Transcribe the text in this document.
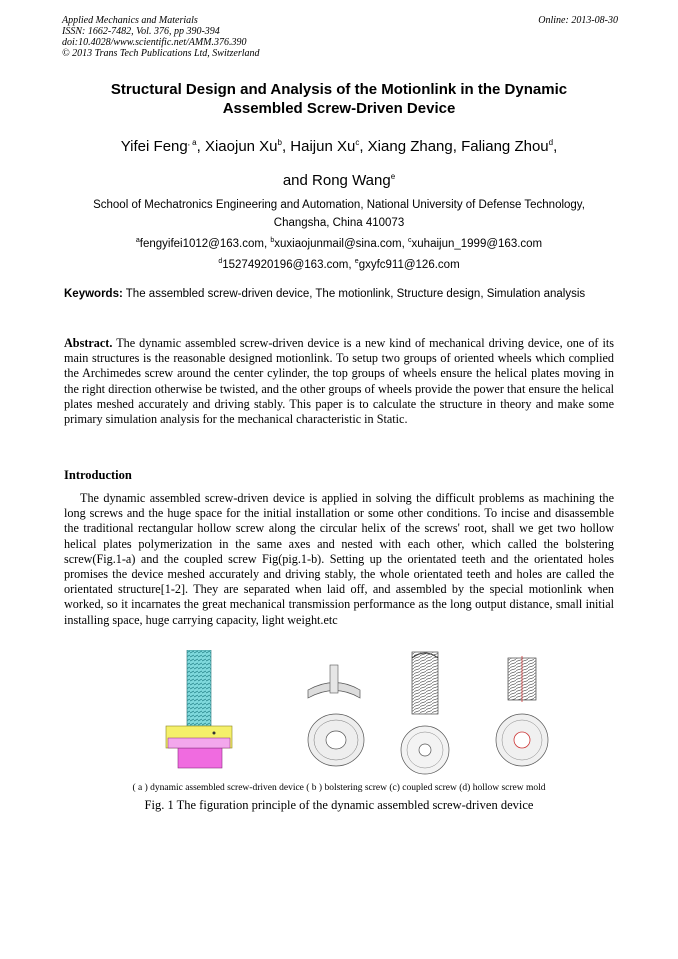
Applied Mechanics and Materials
ISSN: 1662-7482, Vol. 376, pp 390-394
doi:10.4028/www.scientific.net/AMM.376.390
© 2013 Trans Tech Publications Ltd, Switzerland
Online: 2013-08-30
Structural Design and Analysis of the Motionlink in the Dynamic
Assembled Screw-Driven Device
Yifei Feng$^{, a}$, Xiaojun Xu$^b$, Haijun Xu$^c$, Xiang Zhang, Faliang Zhou$^d$,
and Rong Wang$^e$
School of Mechatronics Engineering and Automation, National University of Defense Technology,
Changsha, China 410073
$^a$fengyifei1012@163.com, $^b$xuxiaojunmail@sina.com, $^c$xuhaijun_1999@163.com
$^d$15274920196@163.com, $^e$gxyfc911@126.com
Keywords: The assembled screw-driven device, The motionlink, Structure design, Simulation analysis
Abstract. The dynamic assembled screw-driven device is a new kind of mechanical driving device, one of its main structures is the reasonable designed motionlink. To setup two groups of oriented wheels which complied the Archimedes screw around the center cylinder, the top groups of wheels ensure the helical plates moving in the right direction otherwise be twisted, and the other groups of wheels provide the power that ensure the helical plates meshed accurately and driving stably. This paper is to calculate the structure in theory and make some primary simulation analysis for the mechanical characteristic in Static.
Introduction

The dynamic assembled screw-driven device is applied in solving the difficult problems as machining the long screws and the huge space for the initial installation or some other conditions. To incise and disassemble the traditional rectangular hollow screw along the circular helix of the screws' root, shall we get two hollow helical plates polymerization in the same axes and nested with each other, which called the bolstering screw(Fig.1-a) and the coupled screw Fig(pig.1-b). Setting up the orientated teeth and the orientated holes promises the device meshed accurately and driving stably, the whole orientated teeth and holes are called the orientated structure[1-2]. They are separated when laid off, and assembled by the special motionlink when worked, so it incarnates the great mechanical transmission performance as the long output distance, small initial installing space, huge carrying capacity, light weight.etc

( a ) dynamic assembled screw-driven device ( b ) bolstering screw (c) coupled screw (d) hollow screw mold
Fig. 1 The figuration principle of the dynamic assembled screw-driven device
